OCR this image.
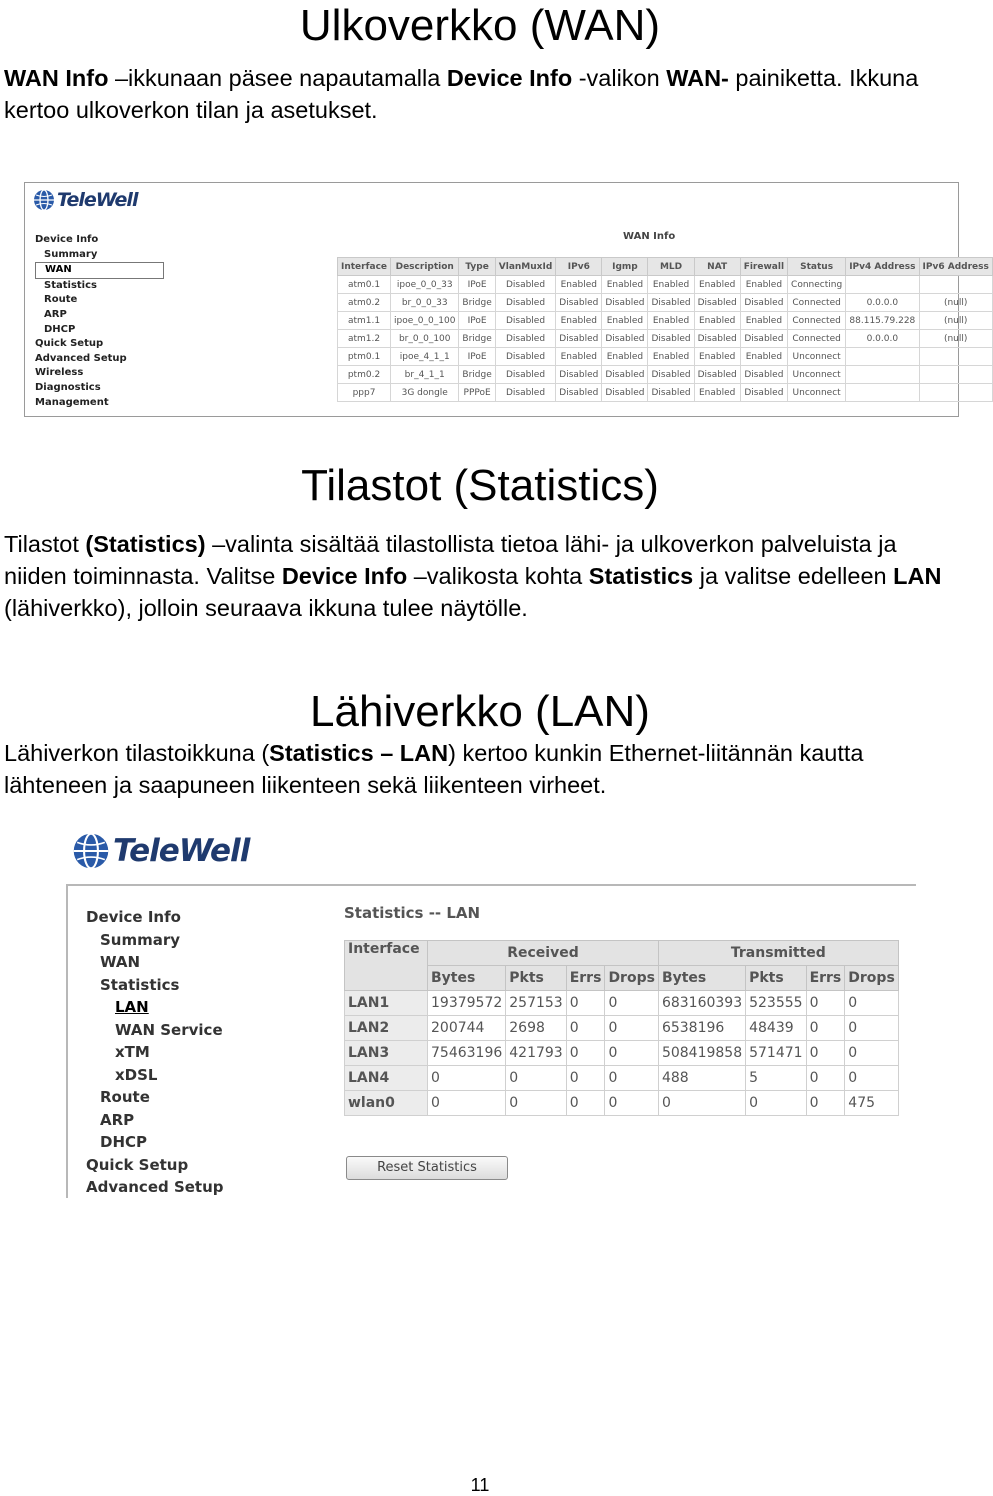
Ulkoverkko (WAN)

WAN Info –ikkunaan päsee napautamalla Device Info -valikon WAN- painiketta. Ikkuna kertoo ulkoverkon tilan ja asetukset.

TeleWell
Device Info
Summary
WAN
Statistics
Route
ARP
DHCP
Quick Setup
Advanced Setup
Wireless
Diagnostics
Management
WAN Info
Interface	Description	Type	VlanMuxId	IPv6	Igmp	MLD	NAT	Firewall	Status	IPv4 Address	IPv6 Address
atm0.1	ipoe_0_0_33	IPoE	Disabled	Enabled	Enabled	Enabled	Enabled	Enabled	Connecting		
atm0.2	br_0_0_33	Bridge	Disabled	Disabled	Disabled	Disabled	Disabled	Disabled	Connected	0.0.0.0	(null)
atm1.1	ipoe_0_0_100	IPoE	Disabled	Enabled	Enabled	Enabled	Enabled	Enabled	Connected	88.115.79.228	(null)
atm1.2	br_0_0_100	Bridge	Disabled	Disabled	Disabled	Disabled	Disabled	Disabled	Connected	0.0.0.0	(null)
ptm0.1	ipoe_4_1_1	IPoE	Disabled	Enabled	Enabled	Enabled	Enabled	Enabled	Unconnect		
ptm0.2	br_4_1_1	Bridge	Disabled	Disabled	Disabled	Disabled	Disabled	Disabled	Unconnect		
ppp7	3G dongle	PPPoE	Disabled	Disabled	Disabled	Disabled	Enabled	Disabled	Unconnect		
Tilastot (Statistics)

Tilastot (Statistics) –valinta sisältää tilastollista tietoa lähi- ja ulkoverkon palveluista ja niiden toiminnasta. Valitse Device Info –valikosta kohta Statistics ja valitse edelleen LAN (lähiverkko), jolloin seuraava ikkuna tulee näytölle.

Lähiverkko (LAN)

Lähiverkon tilastoikkuna (Statistics – LAN) kertoo kunkin Ethernet-liitännän kautta lähteneen ja saapuneen liikenteen sekä liikenteen virheet.

TeleWell
Device Info
Summary
WAN
Statistics
LAN
WAN Service
xTM
xDSL
Route
ARP
DHCP
Quick Setup
Advanced Setup
Statistics -- LAN
Interface	Received				Transmitted			
	Bytes	Pkts	Errs	Drops	Bytes	Pkts	Errs	Drops
LAN1	19379572	257153	0	0	683160393	523555	0	0
LAN2	200744	2698	0	0	6538196	48439	0	0
LAN3	75463196	421793	0	0	508419858	571471	0	0
LAN4	0	0	0	0	488	5	0	0
wlan0	0	0	0	0	0	0	0	475
Reset Statistics
11
